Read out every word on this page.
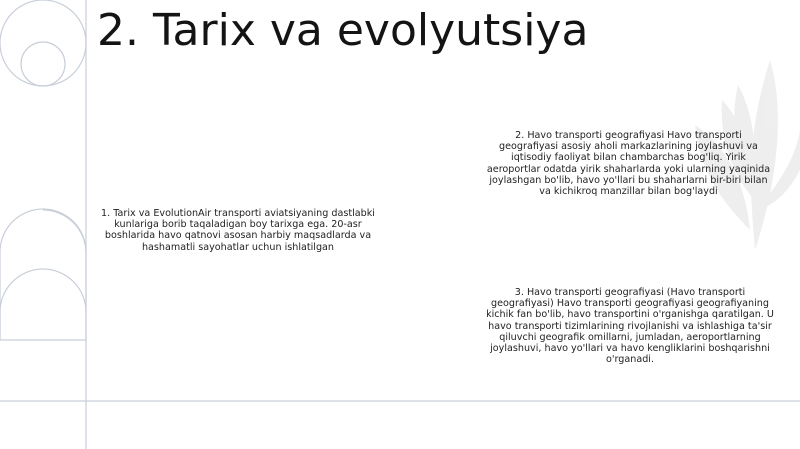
2. Tarix va evolyutsiya
1. Tarix va EvolutionAir transporti aviatsiyaning dastlabki kunlariga borib taqaladigan boy tarixga ega. 20-asr boshlarida havo qatnovi asosan harbiy maqsadlarda va hashamatli sayohatlar uchun ishlatilgan
2. Havo transporti geografiyasi Havo transporti geografiyasi asosiy aholi markazlarining joylashuvi va iqtisodiy faoliyat bilan chambarchas bog'liq. Yirik aeroportlar odatda yirik shaharlarda yoki ularning yaqinida joylashgan bo'lib, havo yo'llari bu shaharlarni bir-biri bilan va kichikroq manzillar bilan bog'laydi
3. Havo transporti geografiyasi (Havo transporti geografiyasi) Havo transporti geografiyasi geografiyaning kichik fan bo'lib, havo transportini o'rganishga qaratilgan. U havo transporti tizimlarining rivojlanishi va ishlashiga ta'sir qiluvchi geografik omillarni, jumladan, aeroportlarning joylashuvi, havo yo'llari va havo kengliklarini boshqarishni o'rganadi.
